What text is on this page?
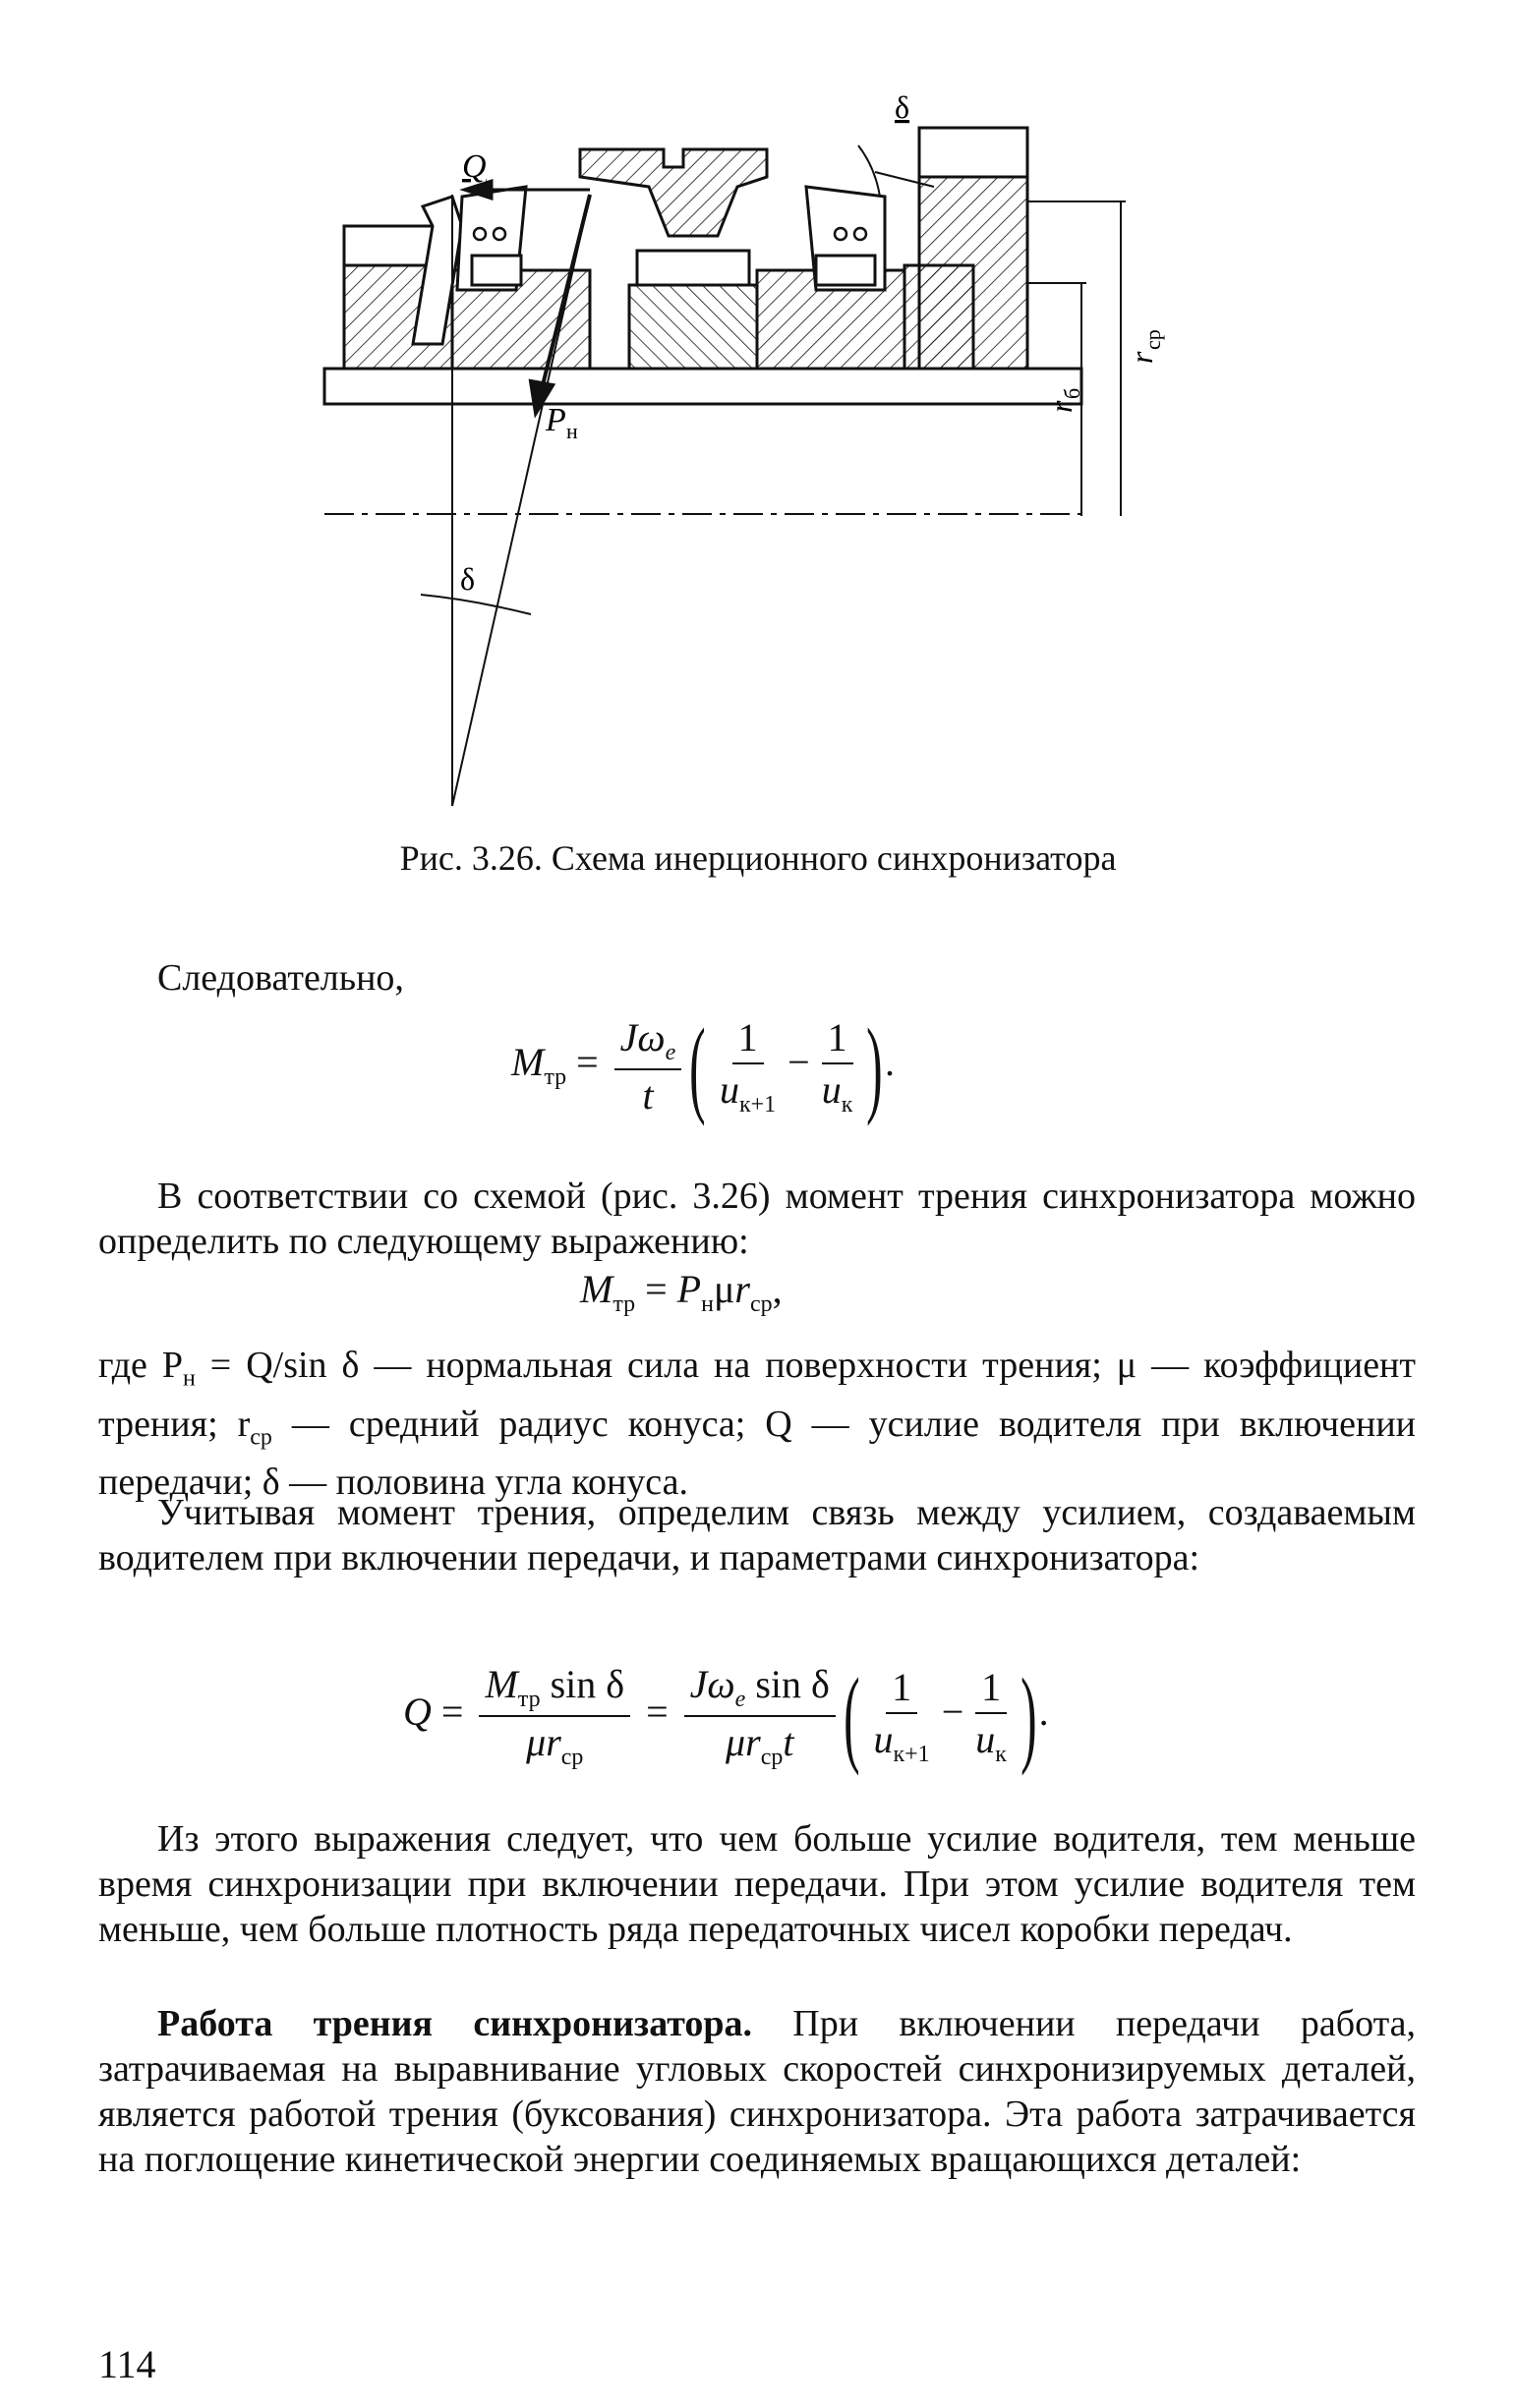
Q
δ
δ
P н
r
б
r
ср
Рис. 3.26. Схема инерционного синхронизатора
Следовательно,
$M_{тр} = \frac{J\omega_e}{t}$ ( $\frac{1}{u_{к+1}} - \frac{1}{u_к}$ ).
В соответствии со схемой (рис. 3.26) момент трения синхронизатора можно определить по следующему выражению:
$M_{тр} = P_н\mu r_{ср}$,
где $P_н = Q/\sin$ δ — нормальная сила на поверхности трения; μ — коэффициент трения; $r_{ср}$ — средний радиус конуса; Q — усилие водителя при включении передачи; δ — половина угла конуса.
Учитывая момент трения, определим связь между усилием, создаваемым водителем при включении передачи, и параметрами синхронизатора:
$Q = \frac{M_{тр} \sin \delta}{\mu r_{ср}} = \frac{J\omega_e \sin \delta}{\mu r_{ср}t}$ ( $\frac{1}{u_{к+1}} - \frac{1}{u_к}$ ).
Из этого выражения следует, что чем больше усилие водителя, тем меньше время синхронизации при включении передачи. При этом усилие водителя тем меньше, чем больше плотность ряда передаточных чисел коробки передач.
Работа трения синхронизатора. При включении передачи работа, затрачиваемая на выравнивание угловых скоростей синхронизируемых деталей, является работой трения (буксования) синхронизатора. Эта работа затрачивается на поглощение кинетической энергии соединяемых вращающихся деталей:
114
